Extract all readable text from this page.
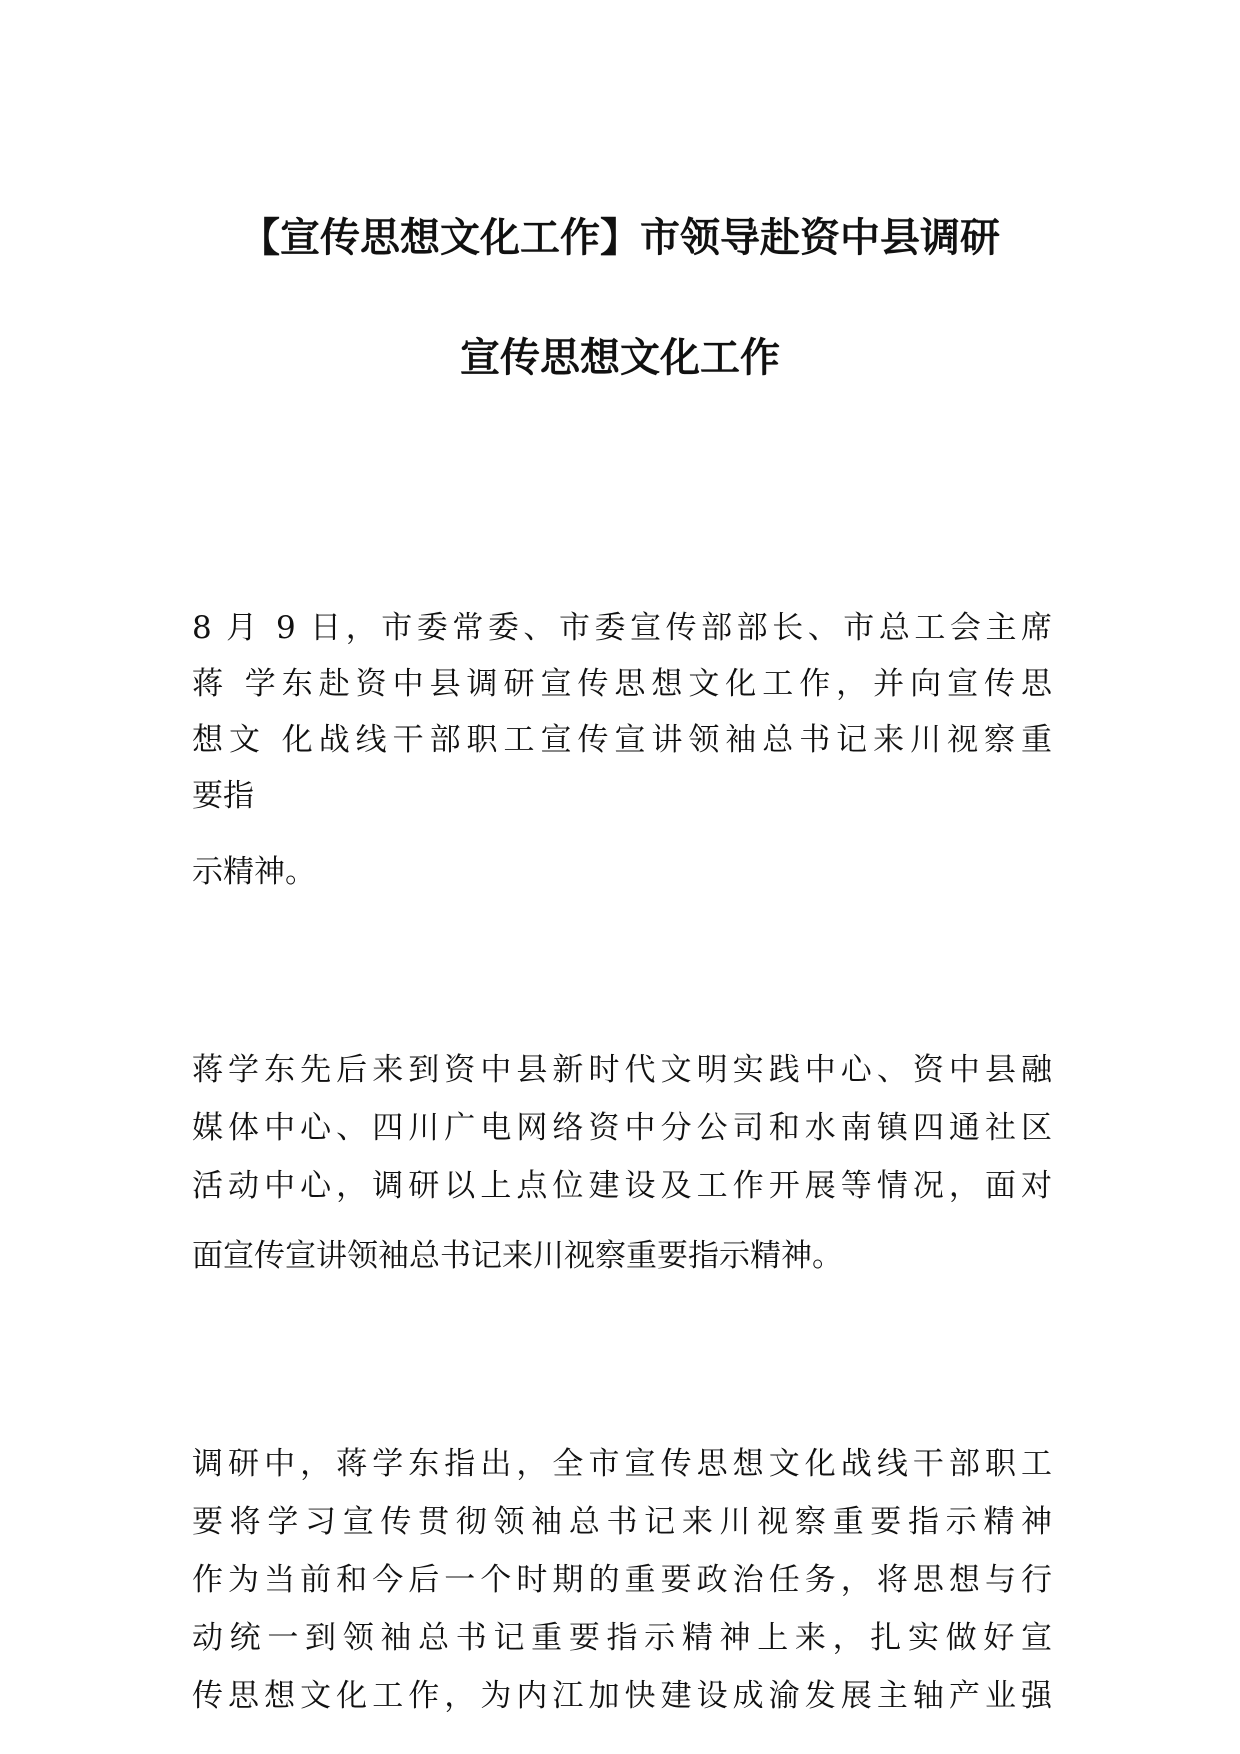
【宣传思想文化工作】市领导赴资中县调研
宣传思想文化工作
8 月 9 日，市委常委、市委宣传部部长、市总工会主席
蒋 学东赴资中县调研宣传思想文化工作，并向宣传思
想文 化战线干部职工宣传宣讲领袖总书记来川视察重
要指
示精神。
蒋学东先后来到资中县新时代文明实践中心、资中县融
媒体中心、四川广电网络资中分公司和水南镇四通社区
活动中心，调研以上点位建设及工作开展等情况，面对
面宣传宣讲领袖总书记来川视察重要指示精神。
调研中，蒋学东指出，全市宣传思想文化战线干部职工
要将学习宣传贯彻领袖总书记来川视察重要指示精神
作为当前和今后一个时期的重要政治任务，将思想与行
动统一到领袖总书记重要指示精神上来，扎实做好宣
传思想文化工作，为内江加快建设成渝发展主轴产业强
